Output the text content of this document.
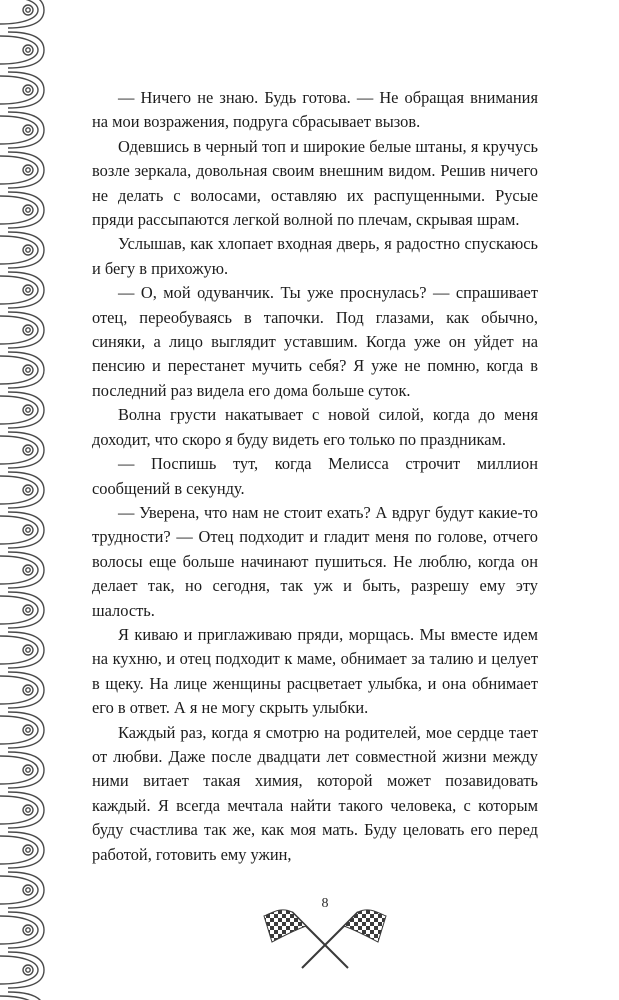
— Ничего не знаю. Будь готова. — Не обращая внимания на мои возражения, подруга сбрасывает вызов.

Одевшись в черный топ и широкие белые штаны, я кручусь возле зеркала, довольная своим внешним видом. Решив ничего не делать с волосами, оставляю их распущенными. Русые пряди рассыпаются легкой волной по плечам, скрывая шрам.

Услышав, как хлопает входная дверь, я радостно спускаюсь и бегу в прихожую.

— О, мой одуванчик. Ты уже проснулась? — спрашивает отец, переобуваясь в тапочки. Под глазами, как обычно, синяки, а лицо выглядит уставшим. Когда уже он уйдет на пенсию и перестанет мучить себя? Я уже не помню, когда в последний раз видела его дома больше суток.

Волна грусти накатывает с новой силой, когда до меня доходит, что скоро я буду видеть его только по праздникам.

— Поспишь тут, когда Мелисса строчит миллион сообщений в секунду.

— Уверена, что нам не стоит ехать? А вдруг будут какие-то трудности? — Отец подходит и гладит меня по голове, отчего волосы еще больше начинают пушиться. Не люблю, когда он делает так, но сегодня, так уж и быть, разрешу ему эту шалость.

Я киваю и приглаживаю пряди, морщась. Мы вместе идем на кухню, и отец подходит к маме, обнимает за талию и целует в щеку. На лице женщины расцветает улыбка, и она обнимает его в ответ. А я не могу скрыть улыбки.

Каждый раз, когда я смотрю на родителей, мое сердце тает от любви. Даже после двадцати лет совместной жизни между ними витает такая химия, которой может позавидовать каждый. Я всегда мечтала найти такого человека, с которым буду счастлива так же, как моя мать. Буду целовать его перед работой, готовить ему ужин,

8
